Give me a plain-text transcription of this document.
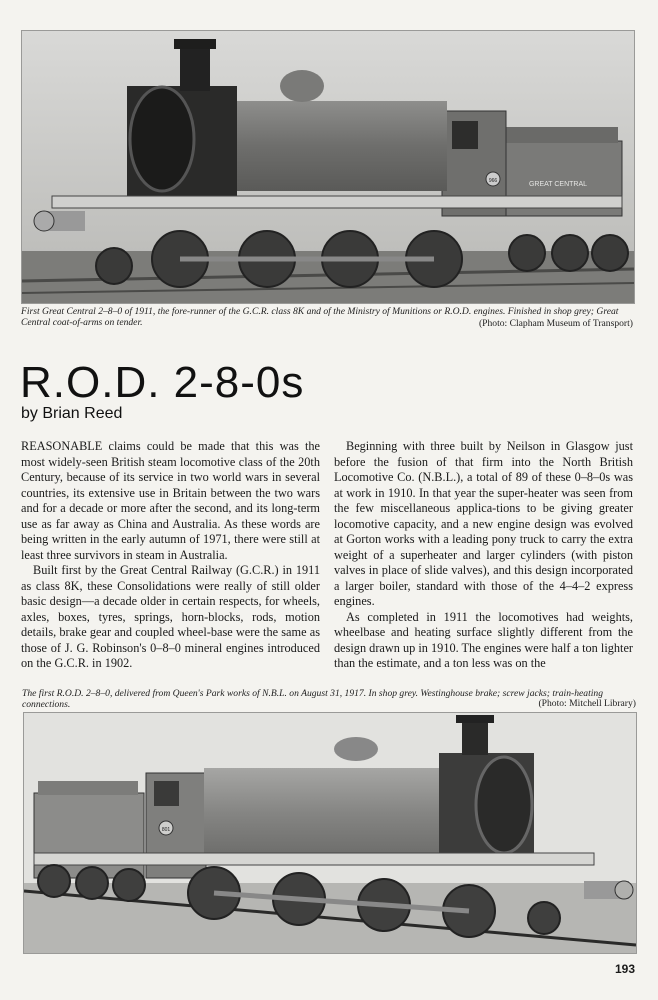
GREAT CENTRAL
966
First Great Central 2–8–0 of 1911, the fore-runner of the G.C.R. class 8K and of the Ministry of Munitions or R.O.D. engines. Finished in shop grey; Great Central coat-of-arms on tender.	(Photo: Clapham Museum of Transport)
R.O.D. 2-8-0s
by Brian Reed

REASONABLE claims could be made that this was the most widely-seen British steam locomotive class of the 20th Century, because of its service in two world wars in several countries, its extensive use in Britain between the two wars and for a decade or more after the second, and its long-term use as far away as China and Australia. As these words are being written in the early autumn of 1971, there were still at least three survivors in steam in Australia.

Built first by the Great Central Railway (G.C.R.) in 1911 as class 8K, these Consolidations were really of still older basic design—a decade older in certain respects, for wheels, axles, boxes, tyres, springs, horn-blocks, rods, motion details, brake gear and coupled wheel-base were the same as those of J. G. Robinson's 0–8–0 mineral engines introduced on the G.C.R. in 1902.

Beginning with three built by Neilson in Glasgow just before the fusion of that firm into the North British Locomotive Co. (N.B.L.), a total of 89 of these 0–8–0s was at work in 1910. In that year the super-heater was seen from the few miscellaneous applica-tions to be giving greater locomotive capacity, and a new engine design was evolved at Gorton works with a leading pony truck to carry the extra weight of a superheater and larger cylinders (with piston valves in place of slide valves), and this design incorporated a larger boiler, standard with those of the 4–4–2 express engines.

As completed in 1911 the locomotives had weights, wheelbase and heating surface slightly different from the design drawn up in 1910. The engines were half a ton lighter than the estimate, and a ton less was on the

The first R.O.D. 2–8–0, delivered from Queen's Park works of N.B.L. on August 31, 1917. In shop grey. Westinghouse brake; screw jacks; train-heating connections.	(Photo: Mitchell Library)
801
193
